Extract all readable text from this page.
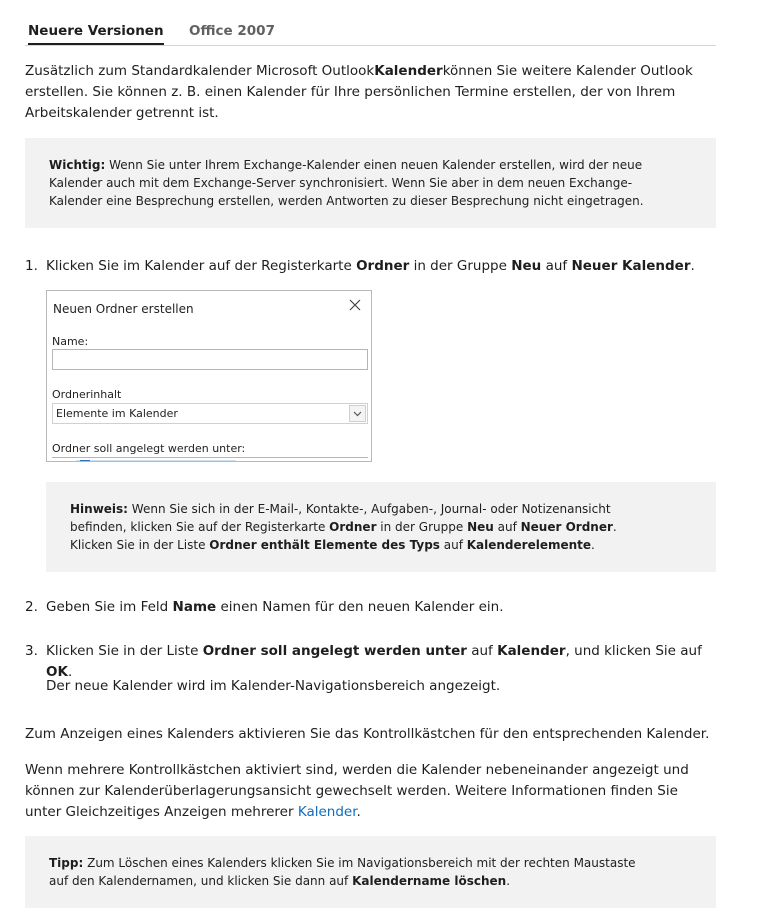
Neuere Versionen Office 2007

Zusätzlich zum Standardkalender Microsoft OutlookKalenderkönnen Sie weitere Kalender Outlook erstellen. Sie können z. B. einen Kalender für Ihre persönlichen Termine erstellen, der von Ihrem Arbeitskalender getrennt ist.

Wichtig: Wenn Sie unter Ihrem Exchange-Kalender einen neuen Kalender erstellen, wird der neue Kalender auch mit dem Exchange-Server synchronisiert. Wenn Sie aber in dem neuen Exchange-Kalender eine Besprechung erstellen, werden Antworten zu dieser Besprechung nicht eingetragen.

1. Klicken Sie im Kalender auf der Registerkarte Ordner in der Gruppe Neu auf Neuer Kalender.

Neuen Ordner erstellen
Name:
Ordnerinhalt
Elemente im Kalender
Ordner soll angelegt werden unter:

Hinweis: Wenn Sie sich in der E-Mail-, Kontakte-, Aufgaben-, Journal- oder Notizenansicht befinden, klicken Sie auf der Registerkarte Ordner in der Gruppe Neu auf Neuer Ordner. Klicken Sie in der Liste Ordner enthält Elemente des Typs auf Kalenderelemente.

2. Geben Sie im Feld Name einen Namen für den neuen Kalender ein.

3. Klicken Sie in der Liste Ordner soll angelegt werden unter auf Kalender, und klicken Sie auf OK.

Der neue Kalender wird im Kalender-Navigationsbereich angezeigt.

Zum Anzeigen eines Kalenders aktivieren Sie das Kontrollkästchen für den entsprechenden Kalender.

Wenn mehrere Kontrollkästchen aktiviert sind, werden die Kalender nebeneinander angezeigt und können zur Kalenderüberlagerungsansicht gewechselt werden. Weitere Informationen finden Sie unter Gleichzeitiges Anzeigen mehrerer Kalender.

Tipp: Zum Löschen eines Kalenders klicken Sie im Navigationsbereich mit der rechten Maustaste auf den Kalendernamen, und klicken Sie dann auf Kalendername löschen.
